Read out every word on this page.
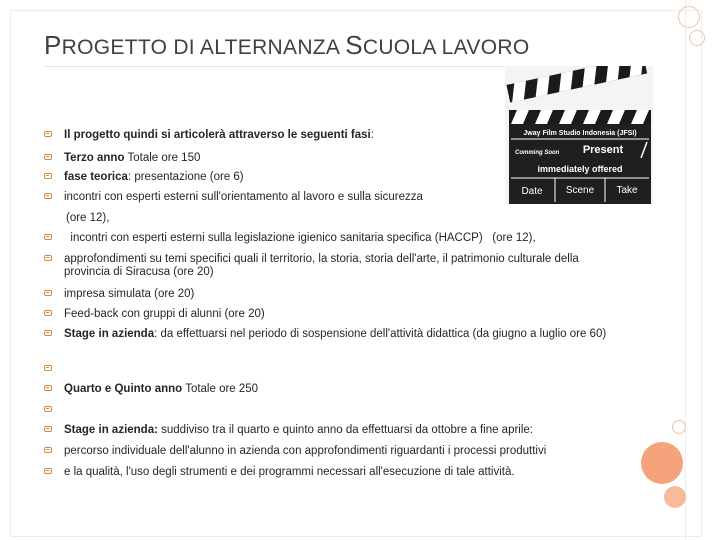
PROGETTO DI ALTERNANZA SCUOLA LAVORO
Il progetto quindi si articolerà attraverso le seguenti fasi:
Terzo anno Totale ore 150
fase teorica: presentazione (ore 6)
incontri con esperti esterni sull'orientamento al lavoro e sulla sicurezza
(ore 12),
incontri con esperti esterni sulla legislazione igienico sanitaria specifica (HACCP)   (ore 12),
approfondimenti su temi specifici quali il territorio, la storia, storia dell'arte, il patrimonio culturale della provincia di Siracusa (ore 20)
impresa simulata (ore 20)
Feed-back con gruppi di alunni (ore 20)
Stage in azienda: da effettuarsi nel periodo di sospensione dell'attività didattica (da giugno a luglio ore 60)
Quarto e Quinto anno Totale ore 250
Stage in azienda: suddiviso tra il quarto e quinto anno da effettuarsi da ottobre a fine aprile:
percorso individuale dell'alunno in azienda con approfondimenti riguardanti i processi produttivi
e la qualità, l'uso degli strumenti e dei programmi necessari all'esecuzione di tale attività.
Jway Film Studio Indonesia (JFSI)
Comming Soon Present
immediately offered
Date Scene Take
